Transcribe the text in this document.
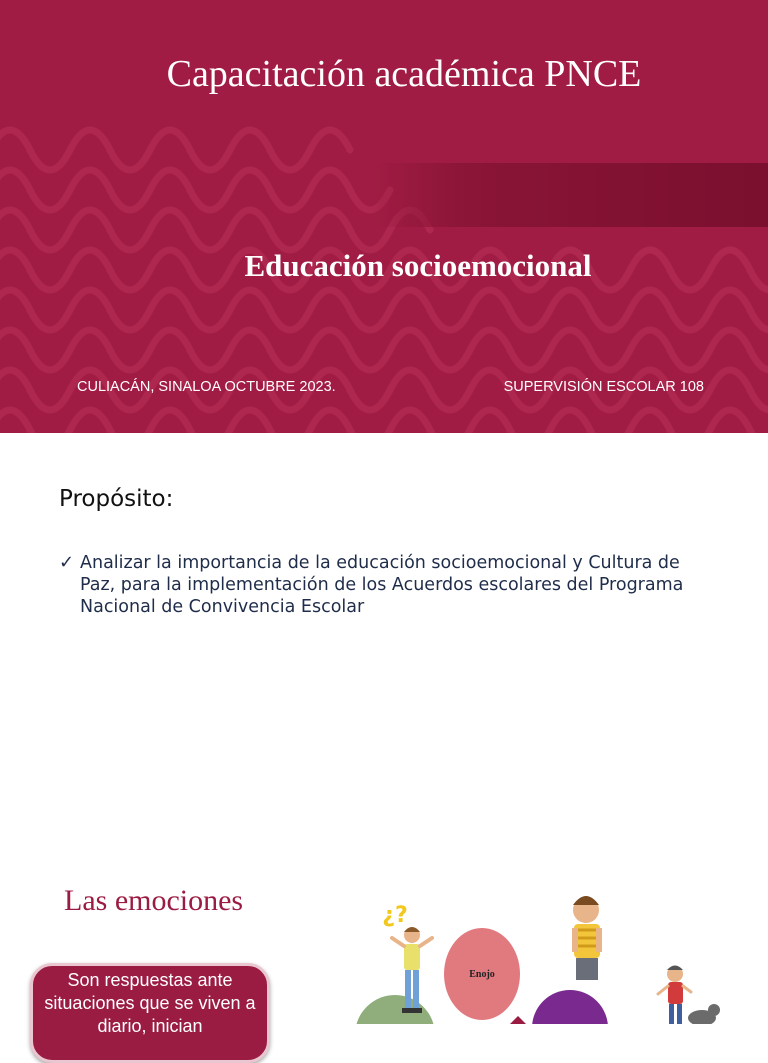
Capacitación académica PNCE
Educación socioemocional
CULIACÁN, SINALOA OCTUBRE 2023.	SUPERVISIÓN ESCOLAR 108
Propósito:
✓ Analizar la importancia de la educación socioemocional y Cultura de Paz, para la implementación de los Acuerdos escolares del Programa Nacional de Convivencia Escolar
Las emociones
Son respuestas ante situaciones que se viven a diario, inician
Enojo
¿?
